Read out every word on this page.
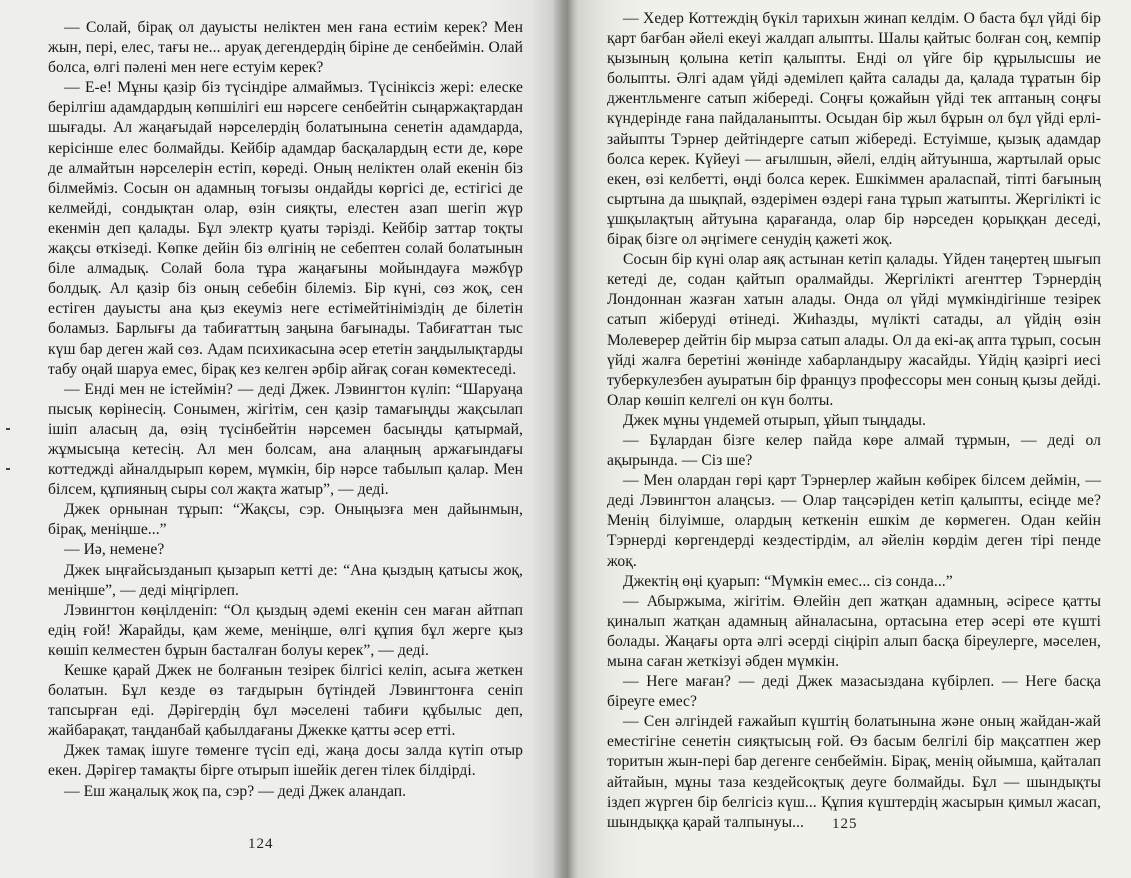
— Солай, бірақ ол дауысты неліктен мен ғана естиім керек? Мен жын, пері, елес, тағы не... аруақ дегендердің біріне де сенбеймін. Олай болса, өлгі пәлені мен неге естуім керек?

— Е-е! Мұны қазір біз түсіндіре алмаймыз. Түсініксіз жері: елеске берілгіш адамдардың көпшілігі еш нәрсеге сенбейтін сыңаржақтардан шығады. Ал жаңағыдай нәрселердің болатынына сенетін адамдарда, керісінше елес болмайды. Кейбір адамдар басқалардың ести де, көре де алмайтын нәрселерін естіп, көреді. Оның неліктен олай екенін біз білмейміз. Сосын он адамның тоғызы ондайды көргісі де, естігісі де келмейді, сондықтан олар, өзін сияқты, елестен азап шегіп жүр екенмін деп қалады. Бұл электр қуаты тәрізді. Кейбір заттар тоқты жақсы өткізеді. Көпке дейін біз өлгінің не себептен солай болатынын біле алмадық. Солай бола тұра жаңағыны мойындауға мәжбүр болдық. Ал қазір біз оның себебін білеміз. Бір күні, сөз жоқ, сен естіген дауысты ана қыз екеуміз неге естімейтініміздің де білетін боламыз. Барлығы да табиғаттың заңына бағынады. Табиғаттан тыс күш бар деген жай сөз. Адам психикасына әсер ететін заңдылықтарды табу оңай шаруа емес, бірақ кез келген әрбір айғақ соған көмектеседі.

— Енді мен не істеймін? — деді Джек. Лэвингтон күліп: “Шаруаңа пысық көрінесің. Сонымен, жігітім, сен қазір тамағыңды жақсылап ішіп аласың да, өзің түсінбейтін нәрсемен басыңды қатырмай, жұмысыңа кетесің. Ал мен болсам, ана алаңның аржағындағы коттеджді айналдырып көрем, мүмкін, бір нәрсе табылып қалар. Мен білсем, құпияның сыры сол жақта жатыр”, — деді.

Джек орнынан тұрып: “Жақсы, сэр. Оныңызға мен дайынмын, бірақ, меніңше...”

— Иә, немене?

Джек ыңғайсызданып қызарып кетті де: “Ана қыздың қатысы жоқ, меніңше”, — деді міңгірлеп.

Лэвингтон көңілденіп: “Ол қыздың әдемі екенін сен маған айтпап едің ғой! Жарайды, қам жеме, меніңше, өлгі құпия бұл жерге қыз көшіп келместен бұрын басталған болуы керек”, — деді.

Кешке қарай Джек не болғанын тезірек білгісі келіп, асыға жеткен болатын. Бұл кезде өз тағдырын бүтіндей Лэвингтонға сеніп тапсырған еді. Дәрігердің бұл мәселені табиғи құбылыс деп, жайбарақат, таңданбай қабылдағаны Джекке қатты әсер етті.

Джек тамақ ішуге төменге түсіп еді, жаңа досы залда күтіп отыр екен. Дәрігер тамақты бірге отырып ішейік деген тілек білдірді.

— Еш жаңалық жоқ па, сэр? — деді Джек аландап.

124

— Хедер Коттеждің бүкіл тарихын жинап келдім. О баста бұл үйді бір қарт бағбан әйелі екеуі жалдап алыпты. Шалы қайтыс болған соң, кемпір қызының қолына кетіп қалыпты. Енді ол үйге бір құрылысшы ие болыпты. Әлгі адам үйді әдемілеп қайта салады да, қалада тұратын бір джентльменге сатып жібереді. Соңғы қожайын үйді тек аптаның соңғы күндерінде ғана пайдаланыпты. Осыдан бір жыл бұрын ол бұл үйді ерлі-зайыпты Тэрнер дейтіндерге сатып жібереді. Естуімше, қызық адамдар болса керек. Күйеуі — ағылшын, әйелі, елдің айтуынша, жартылай орыс екен, өзі келбетті, өңді болса керек. Ешкіммен араласпай, тіпті бағының сыртына да шықпай, өздерімен өздері ғана тұрып жатыпты. Жергілікті іс ұшқылақтың айтуына қарағанда, олар бір нәрседен қорыққан деседі, бірақ бізге ол әңгімеге сенудің қажеті жоқ.

Сосын бір күні олар аяқ астынан кетіп қалады. Үйден таңертең шығып кетеді де, содан қайтып оралмайды. Жергілікті агенттер Тэрнердің Лондоннан жазған хатын алады. Онда ол үйді мүмкіндігінше тезірек сатып жіберуді өтінеді. Жиһазды, мүлікті сатады, ал үйдің өзін Молеверер дейтін бір мырза сатып алады. Ол да екі-ақ апта тұрып, сосын үйді жалға беретіні жөнінде хабарландыру жасайды. Үйдің қазіргі иесі туберкулезбен ауыратын бір француз профессоры мен соның қызы дейді. Олар көшіп келгелі он күн болты.

Джек мұны үндемей отырып, ұйып тыңдады.

— Бұлардан бізге келер пайда көре алмай тұрмын, — деді ол ақырында. — Сіз ше?

— Мен олардан гөрі қарт Тэрнерлер жайын көбірек білсем деймін, — деді Лэвингтон алаңсыз. — Олар таңсәріден кетіп қалыпты, есіңде ме? Менің білуімше, олардың кеткенін ешкім де көрмеген. Одан кейін Тэрнерді көргендерді кездестірдім, ал әйелін көрдім деген тірі пенде жоқ.

Джектің өңі қуарып: “Мүмкін емес... сіз сонда...”

— Абыржыма, жігітім. Өлейін деп жатқан адамның, әсіресе қатты қиналып жатқан адамның айналасына, ортасына етер әсері өте күшті болады. Жаңағы орта әлгі әсерді сіңіріп алып басқа біреулерге, мәселен, мына саған жеткізуі әбден мүмкін.

— Неге маған? — деді Джек мазасыздана күбірлеп. — Неге басқа біреуге емес?

— Сен әлгіндей ғажайып күштің болатынына және оның жайдан-жай еместігіне сенетін сияқтысың ғой. Өз басым белгілі бір мақсатпен жер торитын жын-пері бар дегенге сенбеймін. Бірақ, менің ойымша, қайталап айтайын, мұны таза кездейсоқтық деуге болмайды. Бұл — шындықты іздеп жүрген бір белгісіз күш... Құпия күштердің жасырын қимыл жасап, шындыққа қарай талпынуы...	125
